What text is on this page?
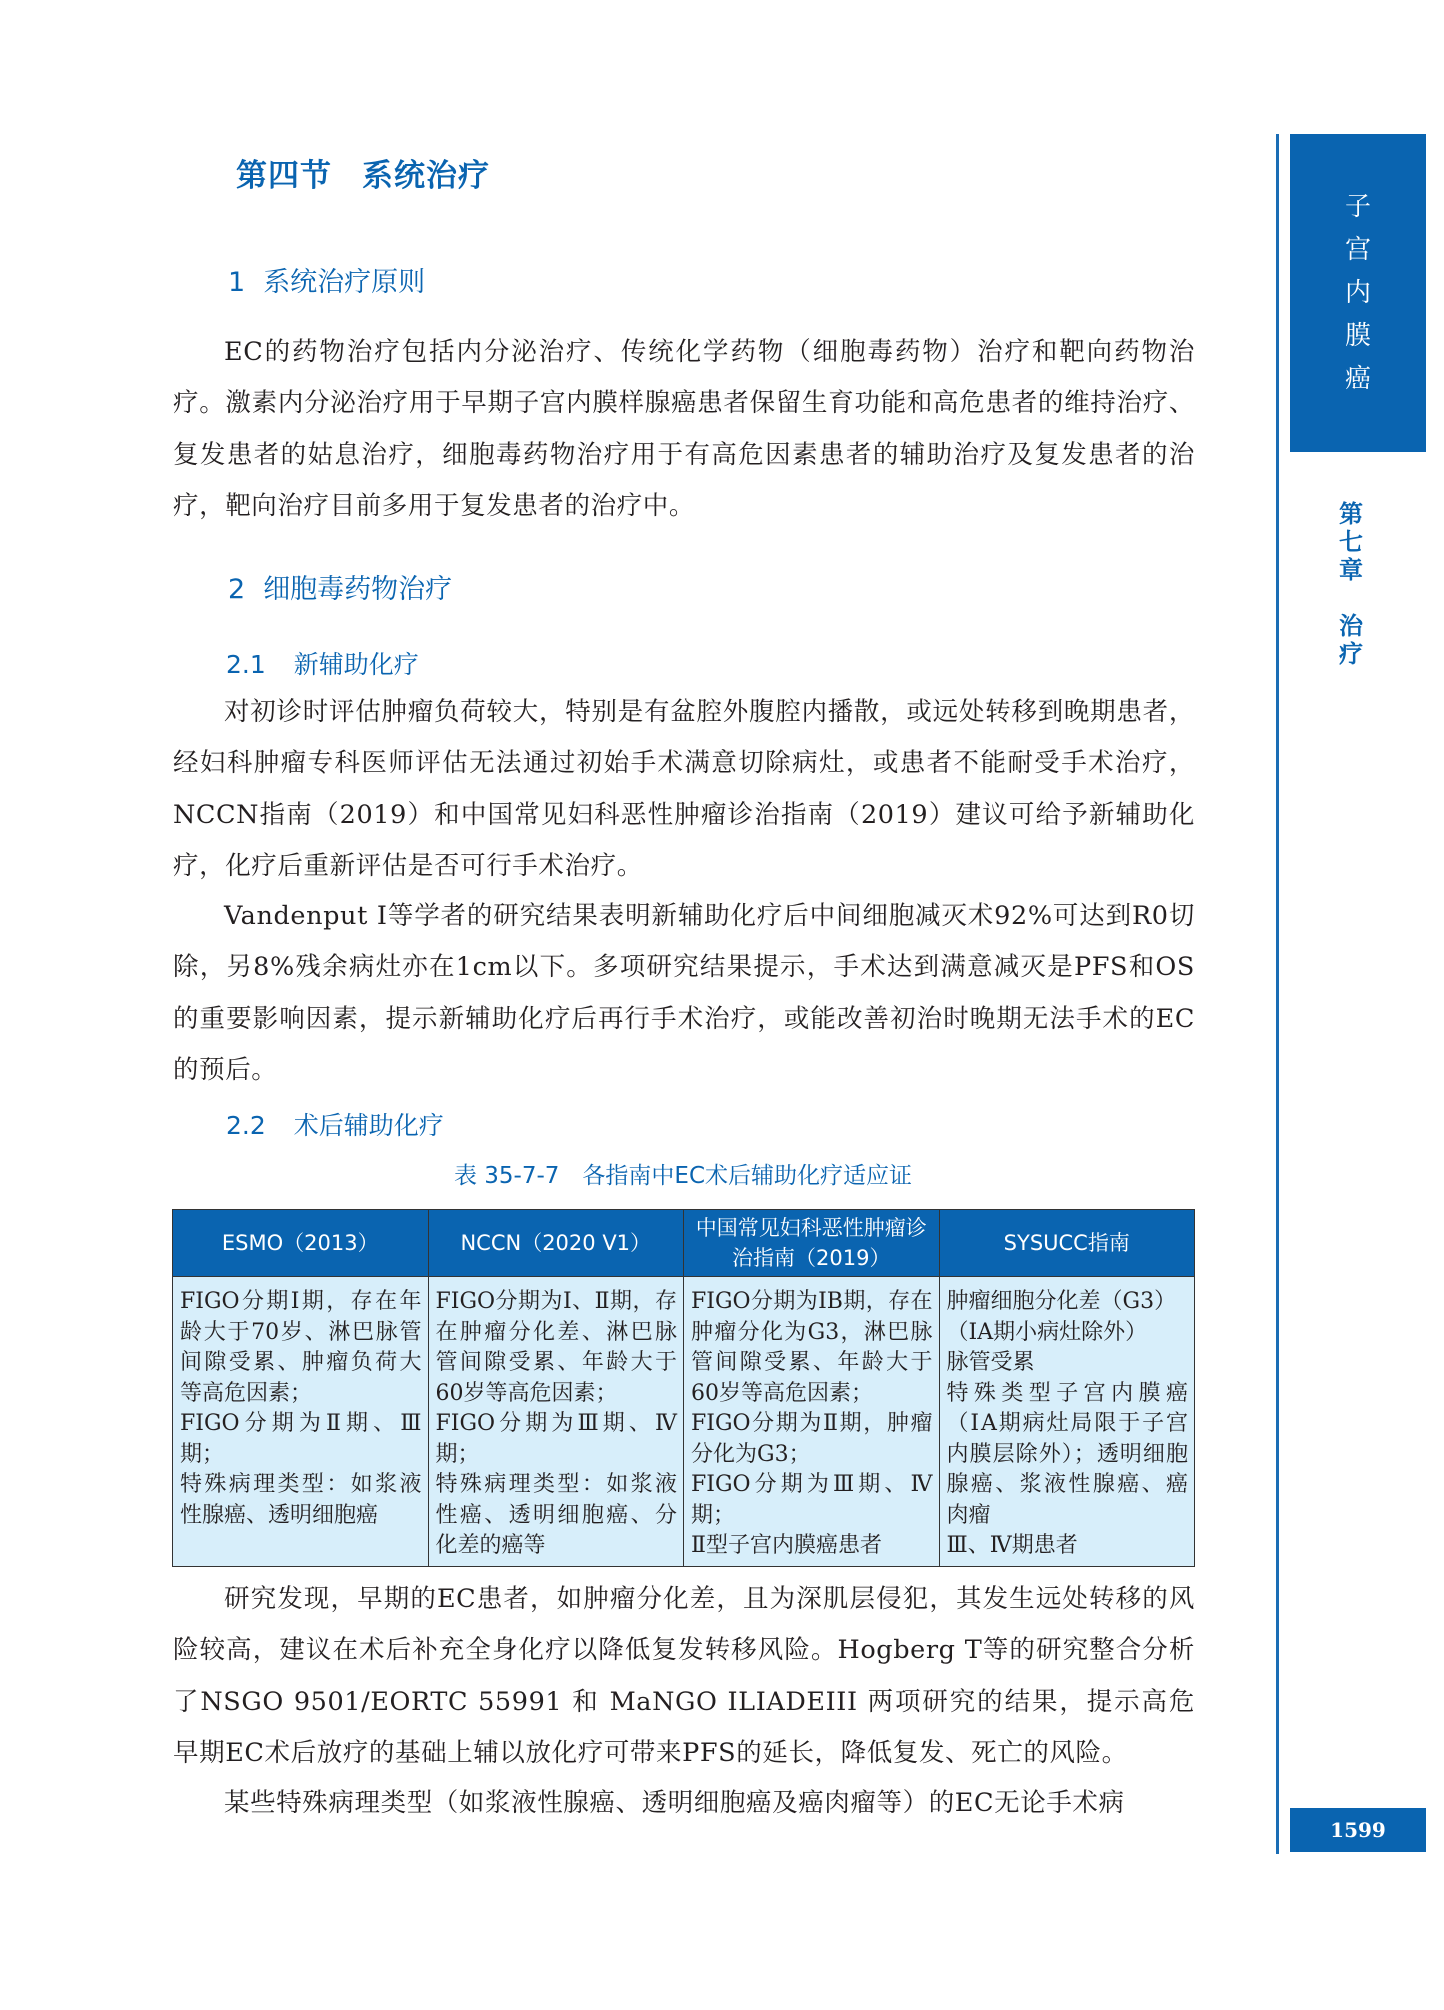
第四节 系统治疗
1 系统治疗原则
EC的药物治疗包括内分泌治疗、传统化学药物（细胞毒药物）治疗和靶向药物治疗。激素内分泌治疗用于早期子宫内膜样腺癌患者保留生育功能和高危患者的维持治疗、复发患者的姑息治疗，细胞毒药物治疗用于有高危因素患者的辅助治疗及复发患者的治疗，靶向治疗目前多用于复发患者的治疗中。
2 细胞毒药物治疗
2.1 新辅助化疗
对初诊时评估肿瘤负荷较大，特别是有盆腔外腹腔内播散，或远处转移到晚期患者，经妇科肿瘤专科医师评估无法通过初始手术满意切除病灶，或患者不能耐受手术治疗，NCCN指南（2019）和中国常见妇科恶性肿瘤诊治指南（2019）建议可给予新辅助化疗，化疗后重新评估是否可行手术治疗。
Vandenput I等学者的研究结果表明新辅助化疗后中间细胞减灭术92%可达到R0切除，另8%残余病灶亦在1cm以下。多项研究结果提示，手术达到满意减灭是PFS和OS的重要影响因素，提示新辅助化疗后再行手术治疗，或能改善初治时晚期无法手术的EC的预后。
2.2 术后辅助化疗
表 35-7-7　各指南中EC术后辅助化疗适应证
ESMO（2013）	NCCN（2020 V1）	中国常见妇科恶性肿瘤诊治指南（2019）	SYSUCC指南

FIGO分期Ⅰ期，存在年龄大于70岁、淋巴脉管间隙受累、肿瘤负荷大等高危因素；
FIGO分期为Ⅱ期、Ⅲ期；
特殊病理类型：如浆液性腺癌、透明细胞癌	FIGO分期为Ⅰ、Ⅱ期，存在肿瘤分化差、淋巴脉管间隙受累、年龄大于60岁等高危因素；
FIGO分期为Ⅲ期、Ⅳ期；
特殊病理类型：如浆液性癌、透明细胞癌、分化差的癌等	FIGO分期为IB期，存在肿瘤分化为G3，淋巴脉管间隙受累、年龄大于60岁等高危因素；
FIGO分期为Ⅱ期，肿瘤分化为G3；
FIGO分期为Ⅲ期、Ⅳ期；
Ⅱ型子宫内膜癌患者	肿瘤细胞分化差（G3）
（ⅠA期小病灶除外）
脉管受累
特殊类型子宫内膜癌（ⅠA期病灶局限于子宫内膜层除外）；透明细胞腺癌、浆液性腺癌、癌肉瘤
Ⅲ、Ⅳ期患者
研究发现，早期的EC患者，如肿瘤分化差，且为深肌层侵犯，其发生远处转移的风险较高，建议在术后补充全身化疗以降低复发转移风险。Hogberg T等的研究整合分析了NSGO 9501/EORTC 55991 和 MaNGO ILIADEIII 两项研究的结果，提示高危早期EC术后放疗的基础上辅以放化疗可带来PFS的延长，降低复发、死亡的风险。
某些特殊病理类型（如浆液性腺癌、透明细胞癌及癌肉瘤等）的EC无论手术病
子
宫
内
膜
癌
第
七
章
治
疗
1599
